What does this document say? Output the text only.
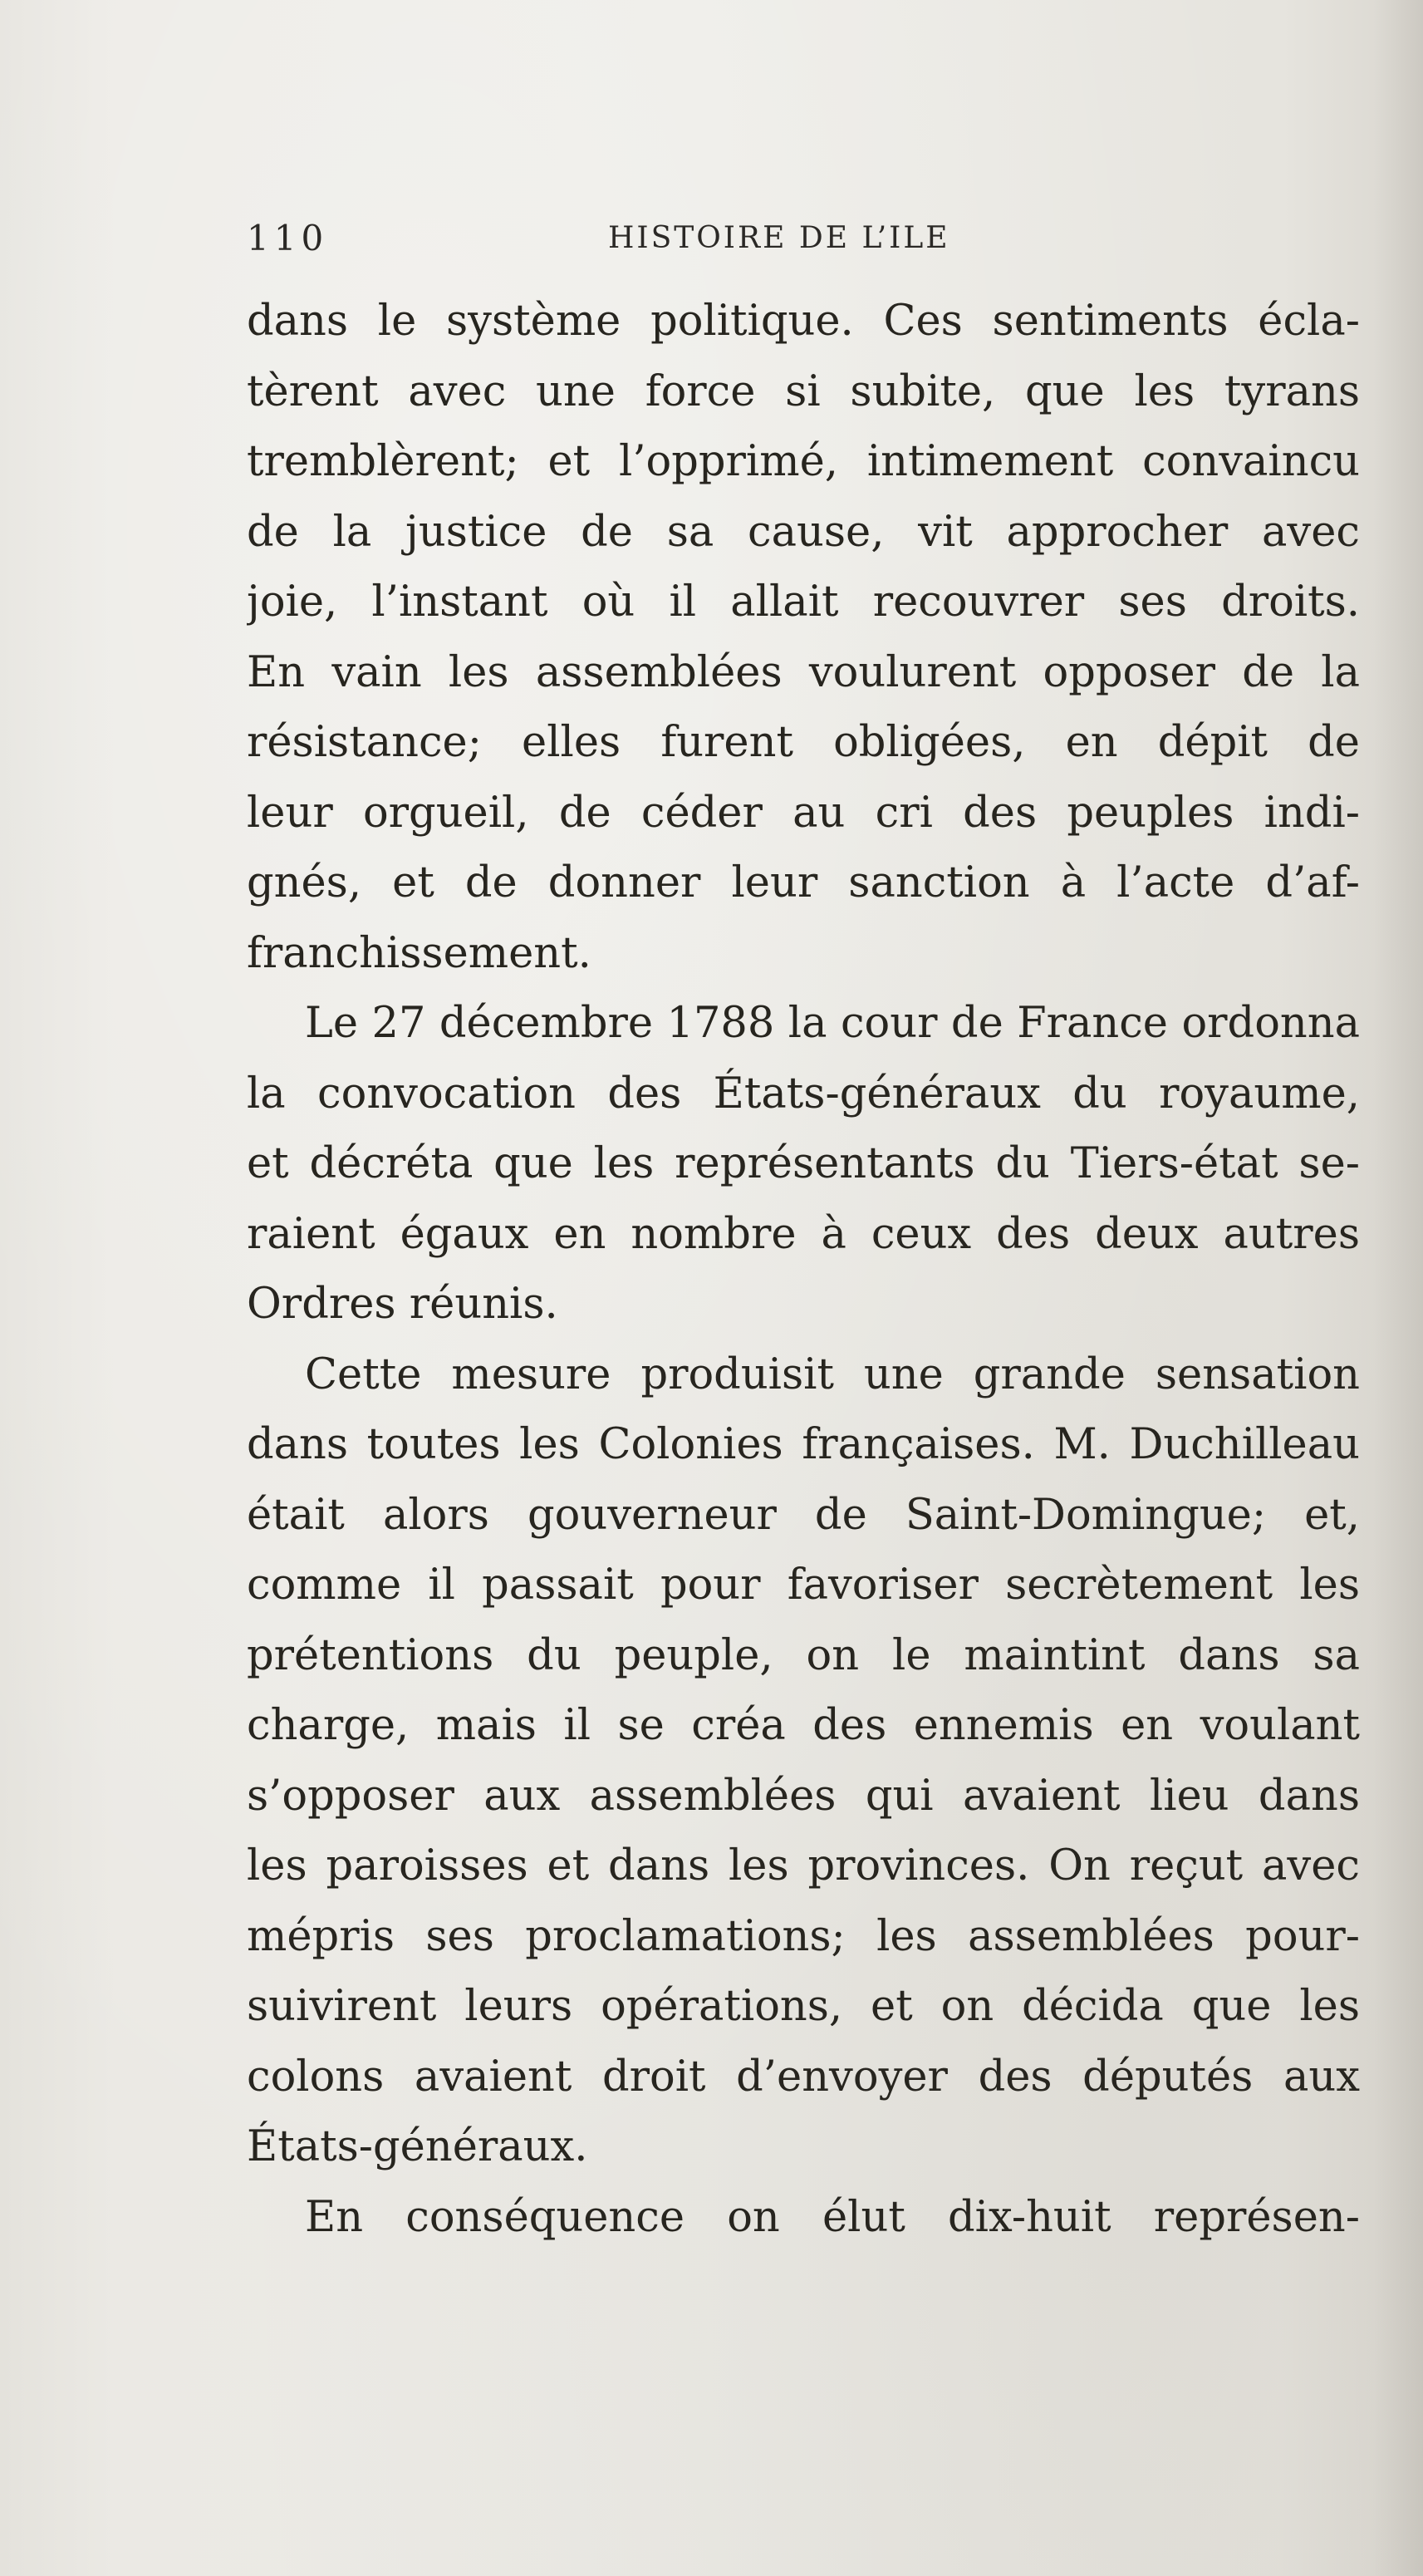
110	HISTOIRE DE L’ILE
dans le système politique. Ces sentiments écla-
tèrent avec une force si subite, que les tyrans
tremblèrent; et l’opprimé, intimement convaincu
de la justice de sa cause, vit approcher avec
joie, l’instant où il allait recouvrer ses droits.
En vain les assemblées voulurent opposer de la
résistance; elles furent obligées, en dépit de
leur orgueil, de céder au cri des peuples indi-
gnés, et de donner leur sanction à l’acte d’af-
franchissement.
Le 27 décembre 1788 la cour de France ordonna
la convocation des États-généraux du royaume,
et décréta que les représentants du Tiers-état se-
raient égaux en nombre à ceux des deux autres
Ordres réunis.
Cette mesure produisit une grande sensation
dans toutes les Colonies françaises. M. Duchilleau
était alors gouverneur de Saint-Domingue; et,
comme il passait pour favoriser secrètement les
prétentions du peuple, on le maintint dans sa
charge, mais il se créa des ennemis en voulant
s’opposer aux assemblées qui avaient lieu dans
les paroisses et dans les provinces. On reçut avec
mépris ses proclamations; les assemblées pour-
suivirent leurs opérations, et on décida que les
colons avaient droit d’envoyer des députés aux
États-généraux.
En conséquence on élut dix-huit représen-
